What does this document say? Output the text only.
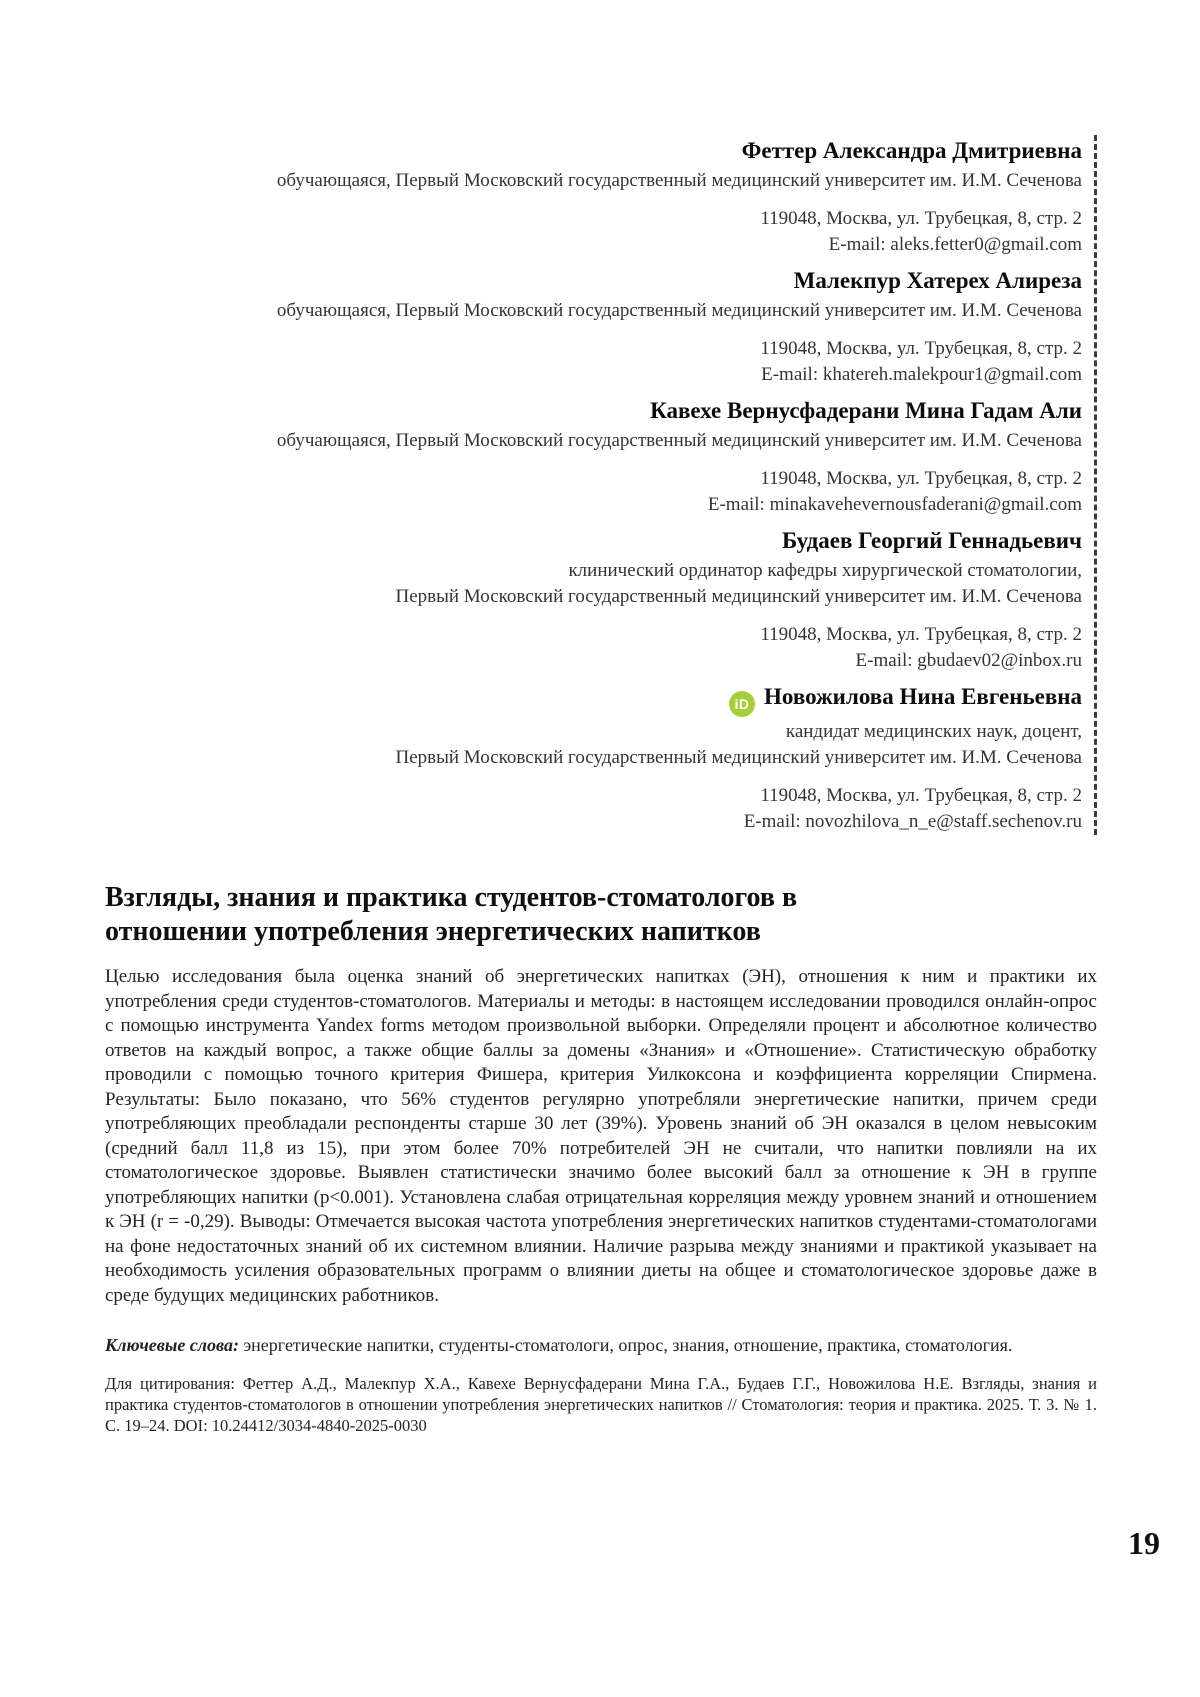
Феттер Александра Дмитриевна
обучающаяся, Первый Московский государственный медицинский университет им. И.М. Сеченова
119048, Москва, ул. Трубецкая, 8, стр. 2
E-mail: aleks.fetter0@gmail.com
Малекпур Хатерех Алиреза
обучающаяся, Первый Московский государственный медицинский университет им. И.М. Сеченова
119048, Москва, ул. Трубецкая, 8, стр. 2
E-mail: khatereh.malekpour1@gmail.com
Кавехе Вернусфадерани Мина Гадам Али
обучающаяся, Первый Московский государственный медицинский университет им. И.М. Сеченова
119048, Москва, ул. Трубецкая, 8, стр. 2
E-mail: minakavehevernousfaderani@gmail.com
Будаев Георгий Геннадьевич
клинический ординатор кафедры хирургической стоматологии,
Первый Московский государственный медицинский университет им. И.М. Сеченова
119048, Москва, ул. Трубецкая, 8, стр. 2
E-mail: gbudaev02@inbox.ru
iD Новожилова Нина Евгеньевна
кандидат медицинских наук, доцент,
Первый Московский государственный медицинский университет им. И.М. Сеченова
119048, Москва, ул. Трубецкая, 8, стр. 2
E-mail: novozhilova_n_e@staff.sechenov.ru
Взгляды, знания и практика студентов-стоматологов в
отношении употребления энергетических напитков

Целью исследования была оценка знаний об энергетических напитках (ЭН), отношения к ним и практики их употребления среди студентов-стоматологов. Материалы и методы: в настоящем исследовании проводился онлайн-опрос с помощью инструмента Yandex forms методом произвольной выборки. Определяли процент и абсолютное количество ответов на каждый вопрос, а также общие баллы за домены «Знания» и «Отношение». Статистическую обработку проводили с помощью точного критерия Фишера, критерия Уилкоксона и коэффициента корреляции Спирмена. Результаты: Было показано, что 56% студентов регулярно употребляли энергетические напитки, причем среди употребляющих преобладали респонденты старше 30 лет (39%). Уровень знаний об ЭН оказался в целом невысоким (средний балл 11,8 из 15), при этом более 70% потребителей ЭН не считали, что напитки повлияли на их стоматологическое здоровье. Выявлен статистически значимо более высокий балл за отношение к ЭН в группе употребляющих напитки (p<0.001). Установлена слабая отрицательная корреляция между уровнем знаний и отношением к ЭН (r = -0,29). Выводы: Отмечается высокая частота употребления энергетических напитков студентами-стоматологами на фоне недостаточных знаний об их системном влиянии. Наличие разрыва между знаниями и практикой указывает на необходимость усиления образовательных программ о влиянии диеты на общее и стоматологическое здоровье даже в среде будущих медицинских работников.

Ключевые слова: энергетические напитки, студенты-стоматологи, опрос, знания, отношение, практика, стоматология.

Для цитирования: Феттер А.Д., Малекпур Х.А., Кавехе Вернусфадерани Мина Г.А., Будаев Г.Г., Новожилова Н.Е. Взгляды, знания и практика студентов-стоматологов в отношении употребления энергетических напитков // Стоматология: теория и практика. 2025. Т. 3. № 1. С. 19–24. DOI: 10.24412/3034-4840-2025-0030

19
